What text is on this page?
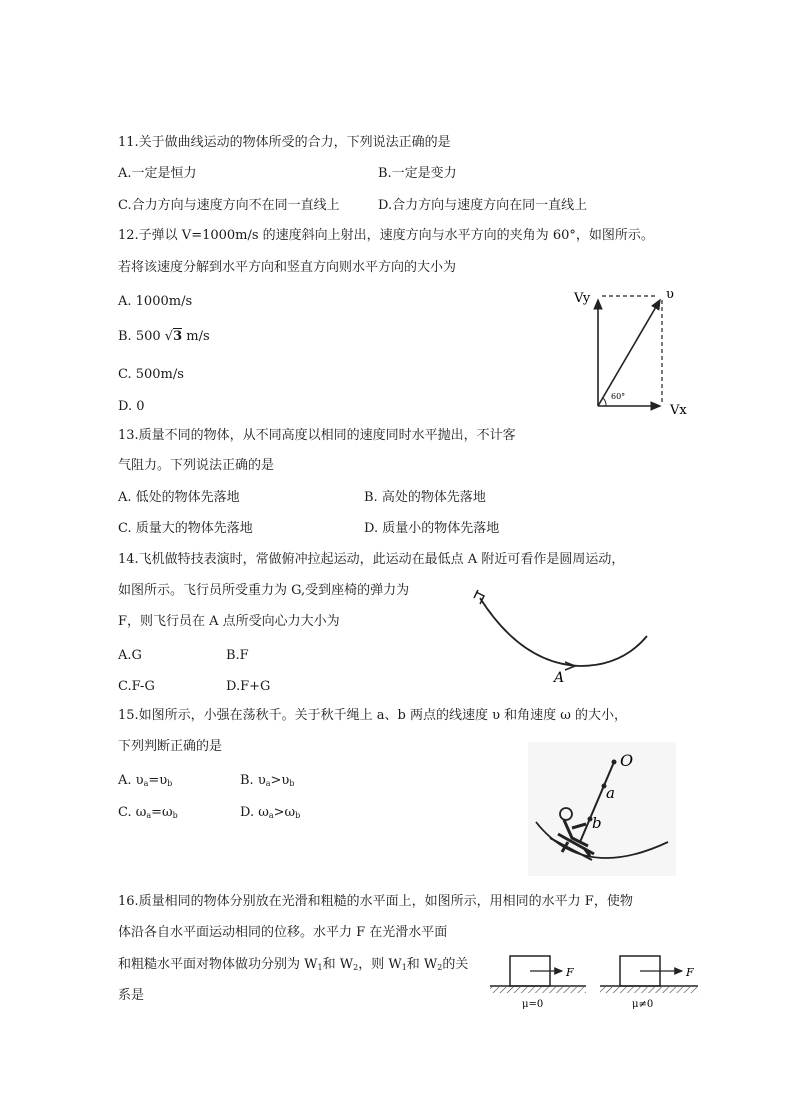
11.关于做曲线运动的物体所受的合力，下列说法正确的是
A.一定是恒力	B.一定是变力
C.合力方向与速度方向不在同一直线上	D.合力方向与速度方向在同一直线上
12.子弹以 V=1000m/s 的速度斜向上射出，速度方向与水平方向的夹角为 60°，如图所示。
若将该速度分解到水平方向和竖直方向则水平方向的大小为
A. 1000m/s
B. 500 √3 m/s
C. 500m/s
D. 0
Vy	υ
Vx
60°
13.质量不同的物体，从不同高度以相同的速度同时水平抛出，不计客
气阻力。下列说法正确的是
A. 低处的物体先落地	B. 高处的物体先落地
C. 质量大的物体先落地	D. 质量小的物体先落地
14.飞机做特技表演时，常做俯冲拉起运动，此运动在最低点 A 附近可看作是圆周运动，
如图所示。飞行员所受重力为 G,受到座椅的弹力为
F，则飞行员在 A 点所受向心力大小为
A.G	B.F
C.F-G	D.F+G
A
15.如图所示，小强在荡秋千。关于秋千绳上 a、b 两点的线速度 υ 和角速度 ω 的大小，
下列判断正确的是
A. $\upsilon_a=\upsilon_b$	B. $\upsilon_a>\upsilon_b$
C. $\omega_a=\omega_b$	D. $\omega_a>\omega_b$
O
a
b
16.质量相同的物体分别放在光滑和粗糙的水平面上，如图所示，用相同的水平力 F，使物
体沿各自水平面运动相同的位移。水平力 F 在光滑水平面
和粗糙水平面对物体做功分别为 $W_1$和 $W_2$，则 $W_1$和 $W_2$的关
系是
F
μ=0
F
μ≠0
